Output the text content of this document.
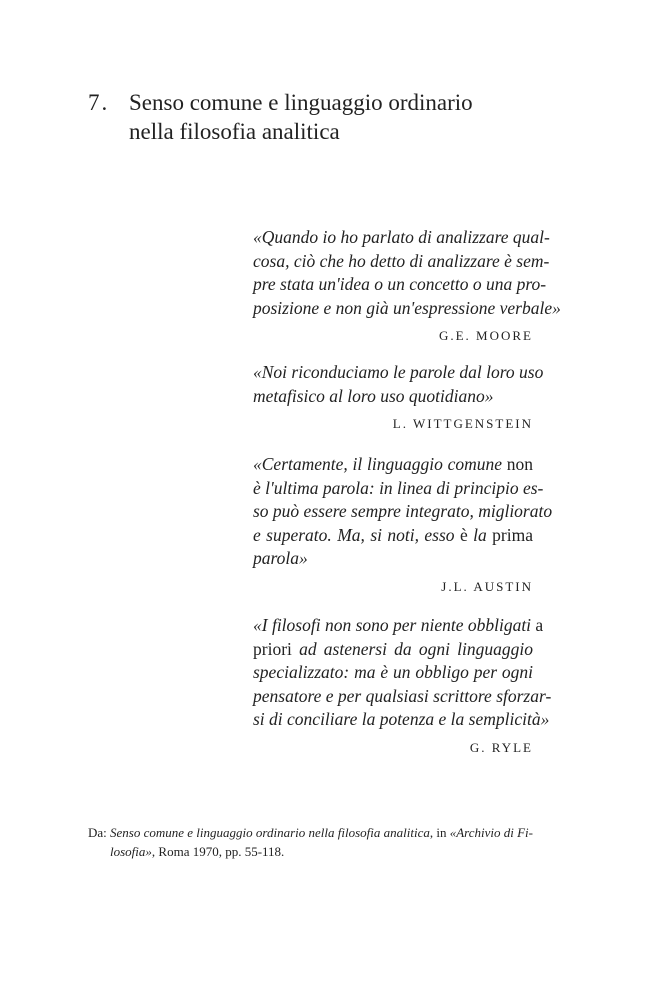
7. Senso comune e linguaggio ordinario
nella filosofia analitica
«Quando io ho parlato di analizzare qual-
cosa, ciò che ho detto di analizzare è sem-
pre stata un'idea o un concetto o una pro-
posizione e non già un'espressione verbale»
G.E. MOORE
«Noi riconduciamo le parole dal loro uso
metafisico al loro uso quotidiano»
L. WITTGENSTEIN
«Certamente, il linguaggio comune non
è l'ultima parola: in linea di principio es-
so può essere sempre integrato, migliorato
e superato. Ma, si noti, esso è la prima
parola»
J.L. AUSTIN
«I filosofi non sono per niente obbligati a
priori ad astenersi da ogni linguaggio
specializzato: ma è un obbligo per ogni
pensatore e per qualsiasi scrittore sforzar-
si di conciliare la potenza e la semplicità»
G. RYLE
Da: Senso comune e linguaggio ordinario nella filosofia analitica, in «Archivio di Fi-
losofia», Roma 1970, pp. 55-118.
